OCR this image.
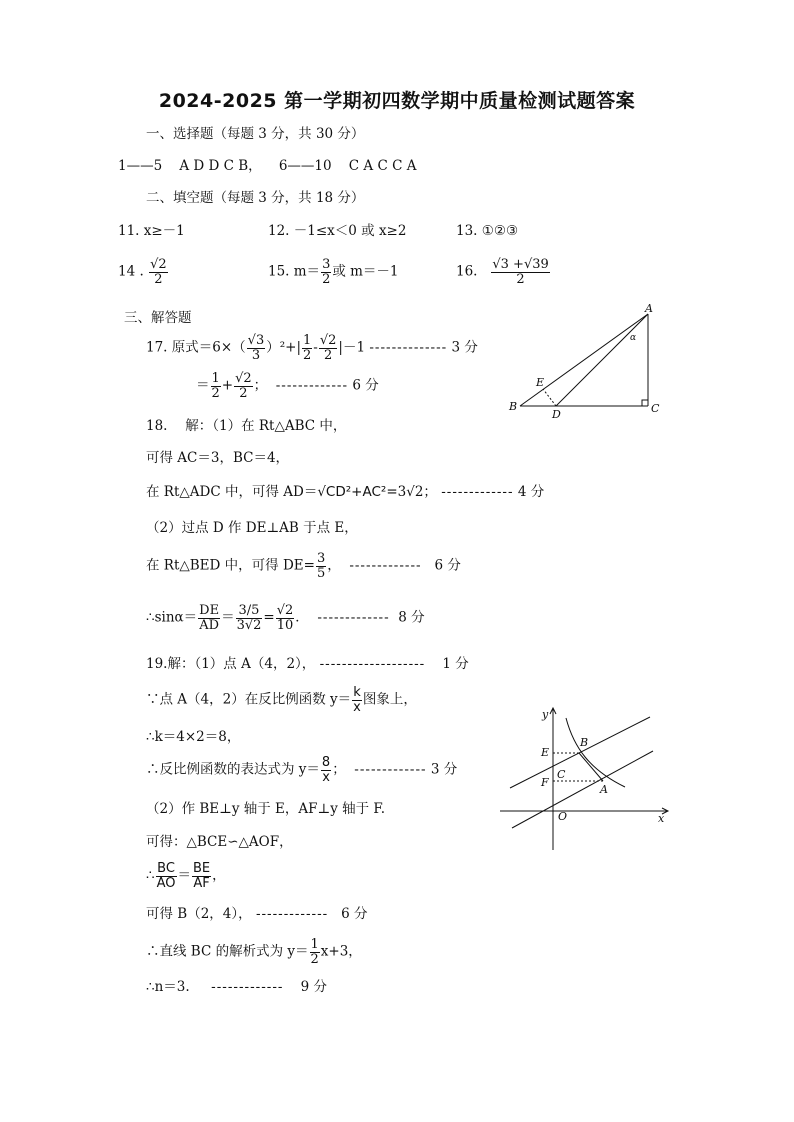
2024-2025 第一学期初四数学期中质量检测试题答案
一、选择题（每题 3 分，共 30 分）
1——5 A D D C B， 6——10 C A C C A
二、填空题（每题 3 分，共 18 分）
11. x≥－1	12. －1≤x＜0 或 x≥2	13. ①②③
14 . $\frac{√2}{2}$	15. $m= \frac{3}{2}$ 或 m＝－1	16. $\frac{√3 +√39}{2}$
三、解答题
17. 原式$=6\times( \frac{√3}{3} )^2+| \frac{1}{2} - \frac{√2}{2} |-1$ -------------- 3 分
＝ $\frac{1}{2} + \frac{√2}{2}$ ； ------------- 6 分
18.　 解：（1）在 Rt△ABC 中，
可得 AC＝3，BC＝4，
在 Rt△ADC 中，可得 AD＝√CD²+AC²=3√2； ------------- 4 分
（2）过点 D 作 DE⊥AB 于点 E，
在 Rt△BED 中，可得 $DE= \frac{3}{5}$ ， ------------- 6 分
∴sinα＝ $\frac{DE}{AD} = \frac{3/5}{3√2} = \frac{√2}{10}$ ． ------------- 8 分
19.解：（1）点 A（4，2）， ------------------- 1 分
∵点 A（4，2）在反比例函数 $y= \frac{k}{x}$ 图象上，
∴k＝4×2＝8，
∴反比例函数的表达式为 $y= \frac{8}{x}$ ； ------------- 3 分
（2）作 BE⊥y 轴于 E，AF⊥y 轴于 F.
可得：△BCE∽△AOF，
∴ $\frac{BC}{AO} = \frac{BE}{AF}$ ，
可得 B（2，4）， ------------- 6 分
∴直线 BC 的解析式为 $y= \frac{1}{2} x+3$，
∴n＝3. ------------- 9 分
A
B	C
D
E
α
y
x
O
E
F
B
C
A
